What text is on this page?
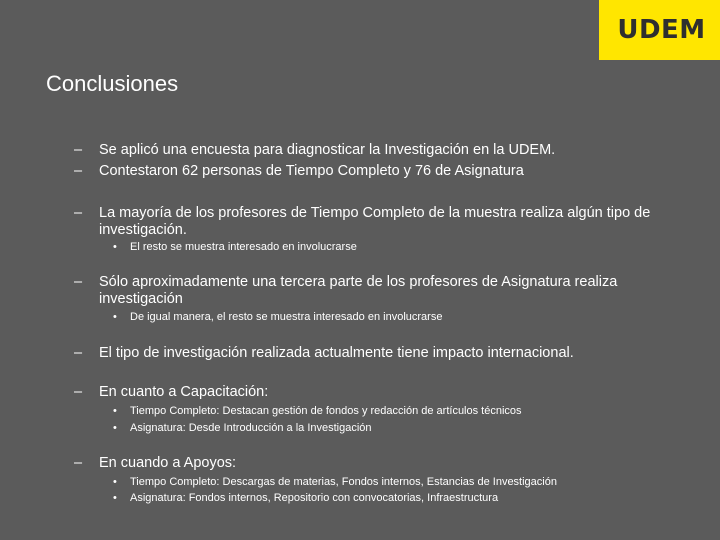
UDEM
Conclusiones
– Se aplicó una encuesta para diagnosticar la Investigación en la UDEM.
– Contestaron 62 personas de Tiempo Completo y 76 de Asignatura
– La mayoría de los profesores de Tiempo Completo de la muestra realiza algún tipo de investigación.
• El resto se muestra interesado en involucrarse
– Sólo aproximadamente una tercera parte de los profesores de Asignatura realiza investigación
• De igual manera, el resto se muestra interesado en involucrarse
– El tipo de investigación realizada actualmente tiene impacto internacional.
– En cuanto a Capacitación:
• Tiempo Completo: Destacan gestión de fondos y redacción de artículos técnicos
• Asignatura: Desde Introducción a la Investigación
– En cuando a Apoyos:
• Tiempo Completo: Descargas de materias, Fondos internos, Estancias de Investigación
• Asignatura: Fondos internos, Repositorio con convocatorias, Infraestructura
